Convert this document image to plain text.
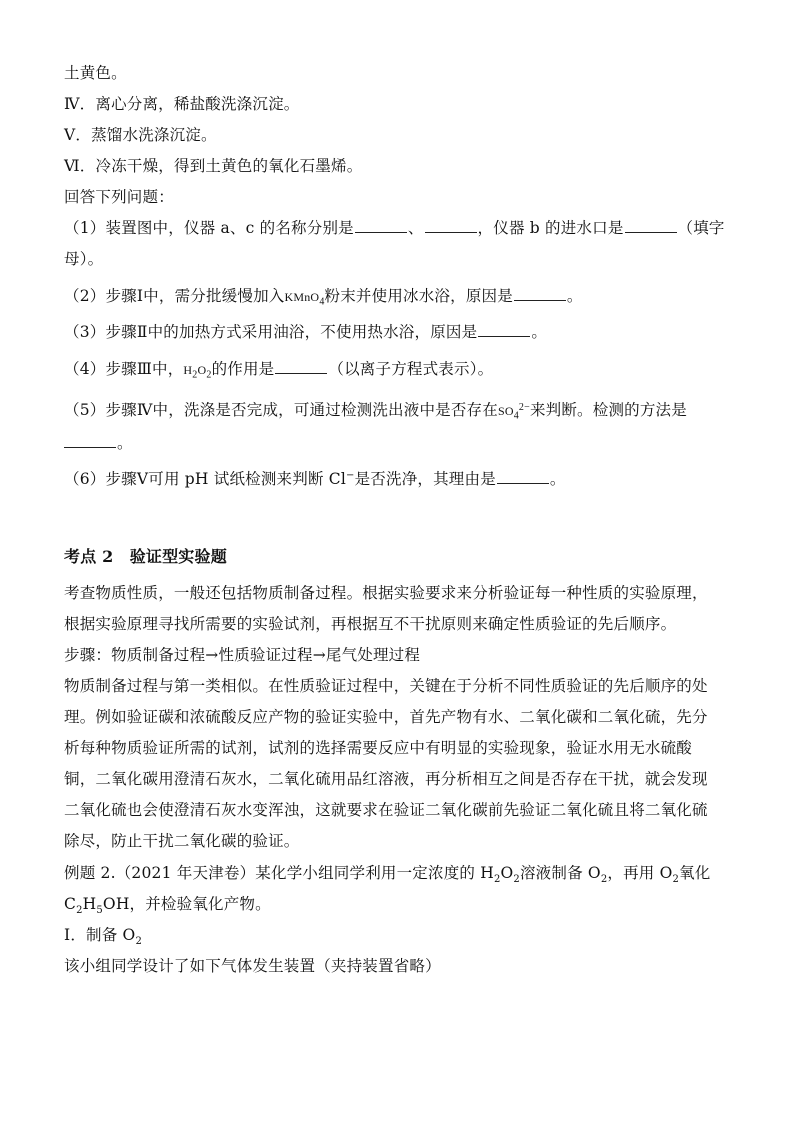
土黄色。
Ⅳ．离心分离，稀盐酸洗涤沉淀。
Ⅴ．蒸馏水洗涤沉淀。
Ⅵ．冷冻干燥，得到土黄色的氧化石墨烯。
回答下列问题：
（1）装置图中，仪器 a、c 的名称分别是	、	，仪器 b 的进水口是	（填字
母）。
（2）步骤Ⅰ中，需分批缓慢加入KMnO$_4$粉末并使用冰水浴，原因是	。
（3）步骤Ⅱ中的加热方式采用油浴，不使用热水浴，原因是	。
（4）步骤Ⅲ中，$H_2O_2$的作用是	（以离子方程式表示）。
（5）步骤Ⅳ中，洗涤是否完成，可通过检测洗出液中是否存在$SO_4^{2-}$来判断。检测的方法是
。
（6）步骤Ⅴ可用 pH 试纸检测来判断 Cl−是否洗净，其理由是	。
考点 2　验证型实验题
考查物质性质，一般还包括物质制备过程。根据实验要求来分析验证每一种性质的实验原理，
根据实验原理寻找所需要的实验试剂，再根据互不干扰原则来确定性质验证的先后顺序。
步骤：物质制备过程→性质验证过程→尾气处理过程
物质制备过程与第一类相似。在性质验证过程中，关键在于分析不同性质验证的先后顺序的处
理。例如验证碳和浓硫酸反应产物的验证实验中，首先产物有水、二氧化碳和二氧化硫，先分
析每种物质验证所需的试剂，试剂的选择需要反应中有明显的实验现象，验证水用无水硫酸
铜，二氧化碳用澄清石灰水，二氧化硫用品红溶液，再分析相互之间是否存在干扰，就会发现
二氧化硫也会使澄清石灰水变浑浊，这就要求在验证二氧化碳前先验证二氧化硫且将二氧化硫
除尽，防止干扰二氧化碳的验证。
例题 2.（2021 年天津卷）某化学小组同学利用一定浓度的 $H_2O_2$溶液制备 $O_2$，再用 $O_2$氧化
$C_2H_5OH$，并检验氧化产物。
Ⅰ．制备 $O_2$
该小组同学设计了如下气体发生装置（夹持装置省略）
